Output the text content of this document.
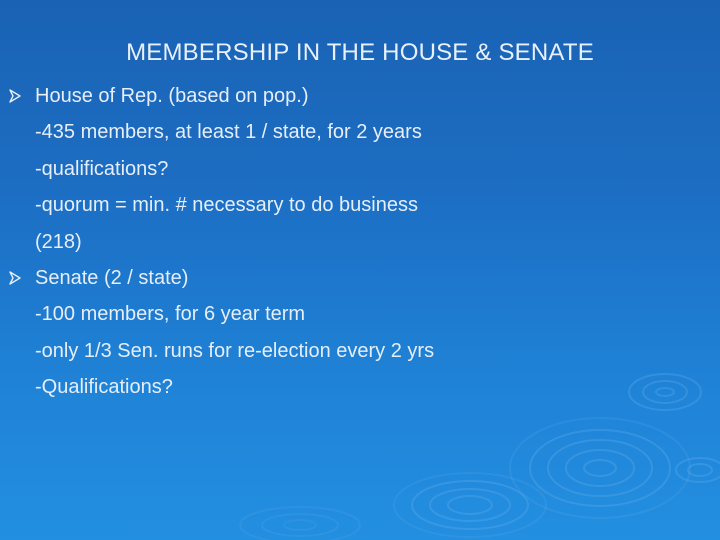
MEMBERSHIP IN THE HOUSE & SENATE
House of Rep. (based on pop.)
-435 members, at least 1 / state, for 2 years
-qualifications?
-quorum = min. # necessary to do business
(218)
Senate (2 / state)
-100 members, for 6 year term
-only 1/3 Sen. runs for re-election every 2 yrs
-Qualifications?
